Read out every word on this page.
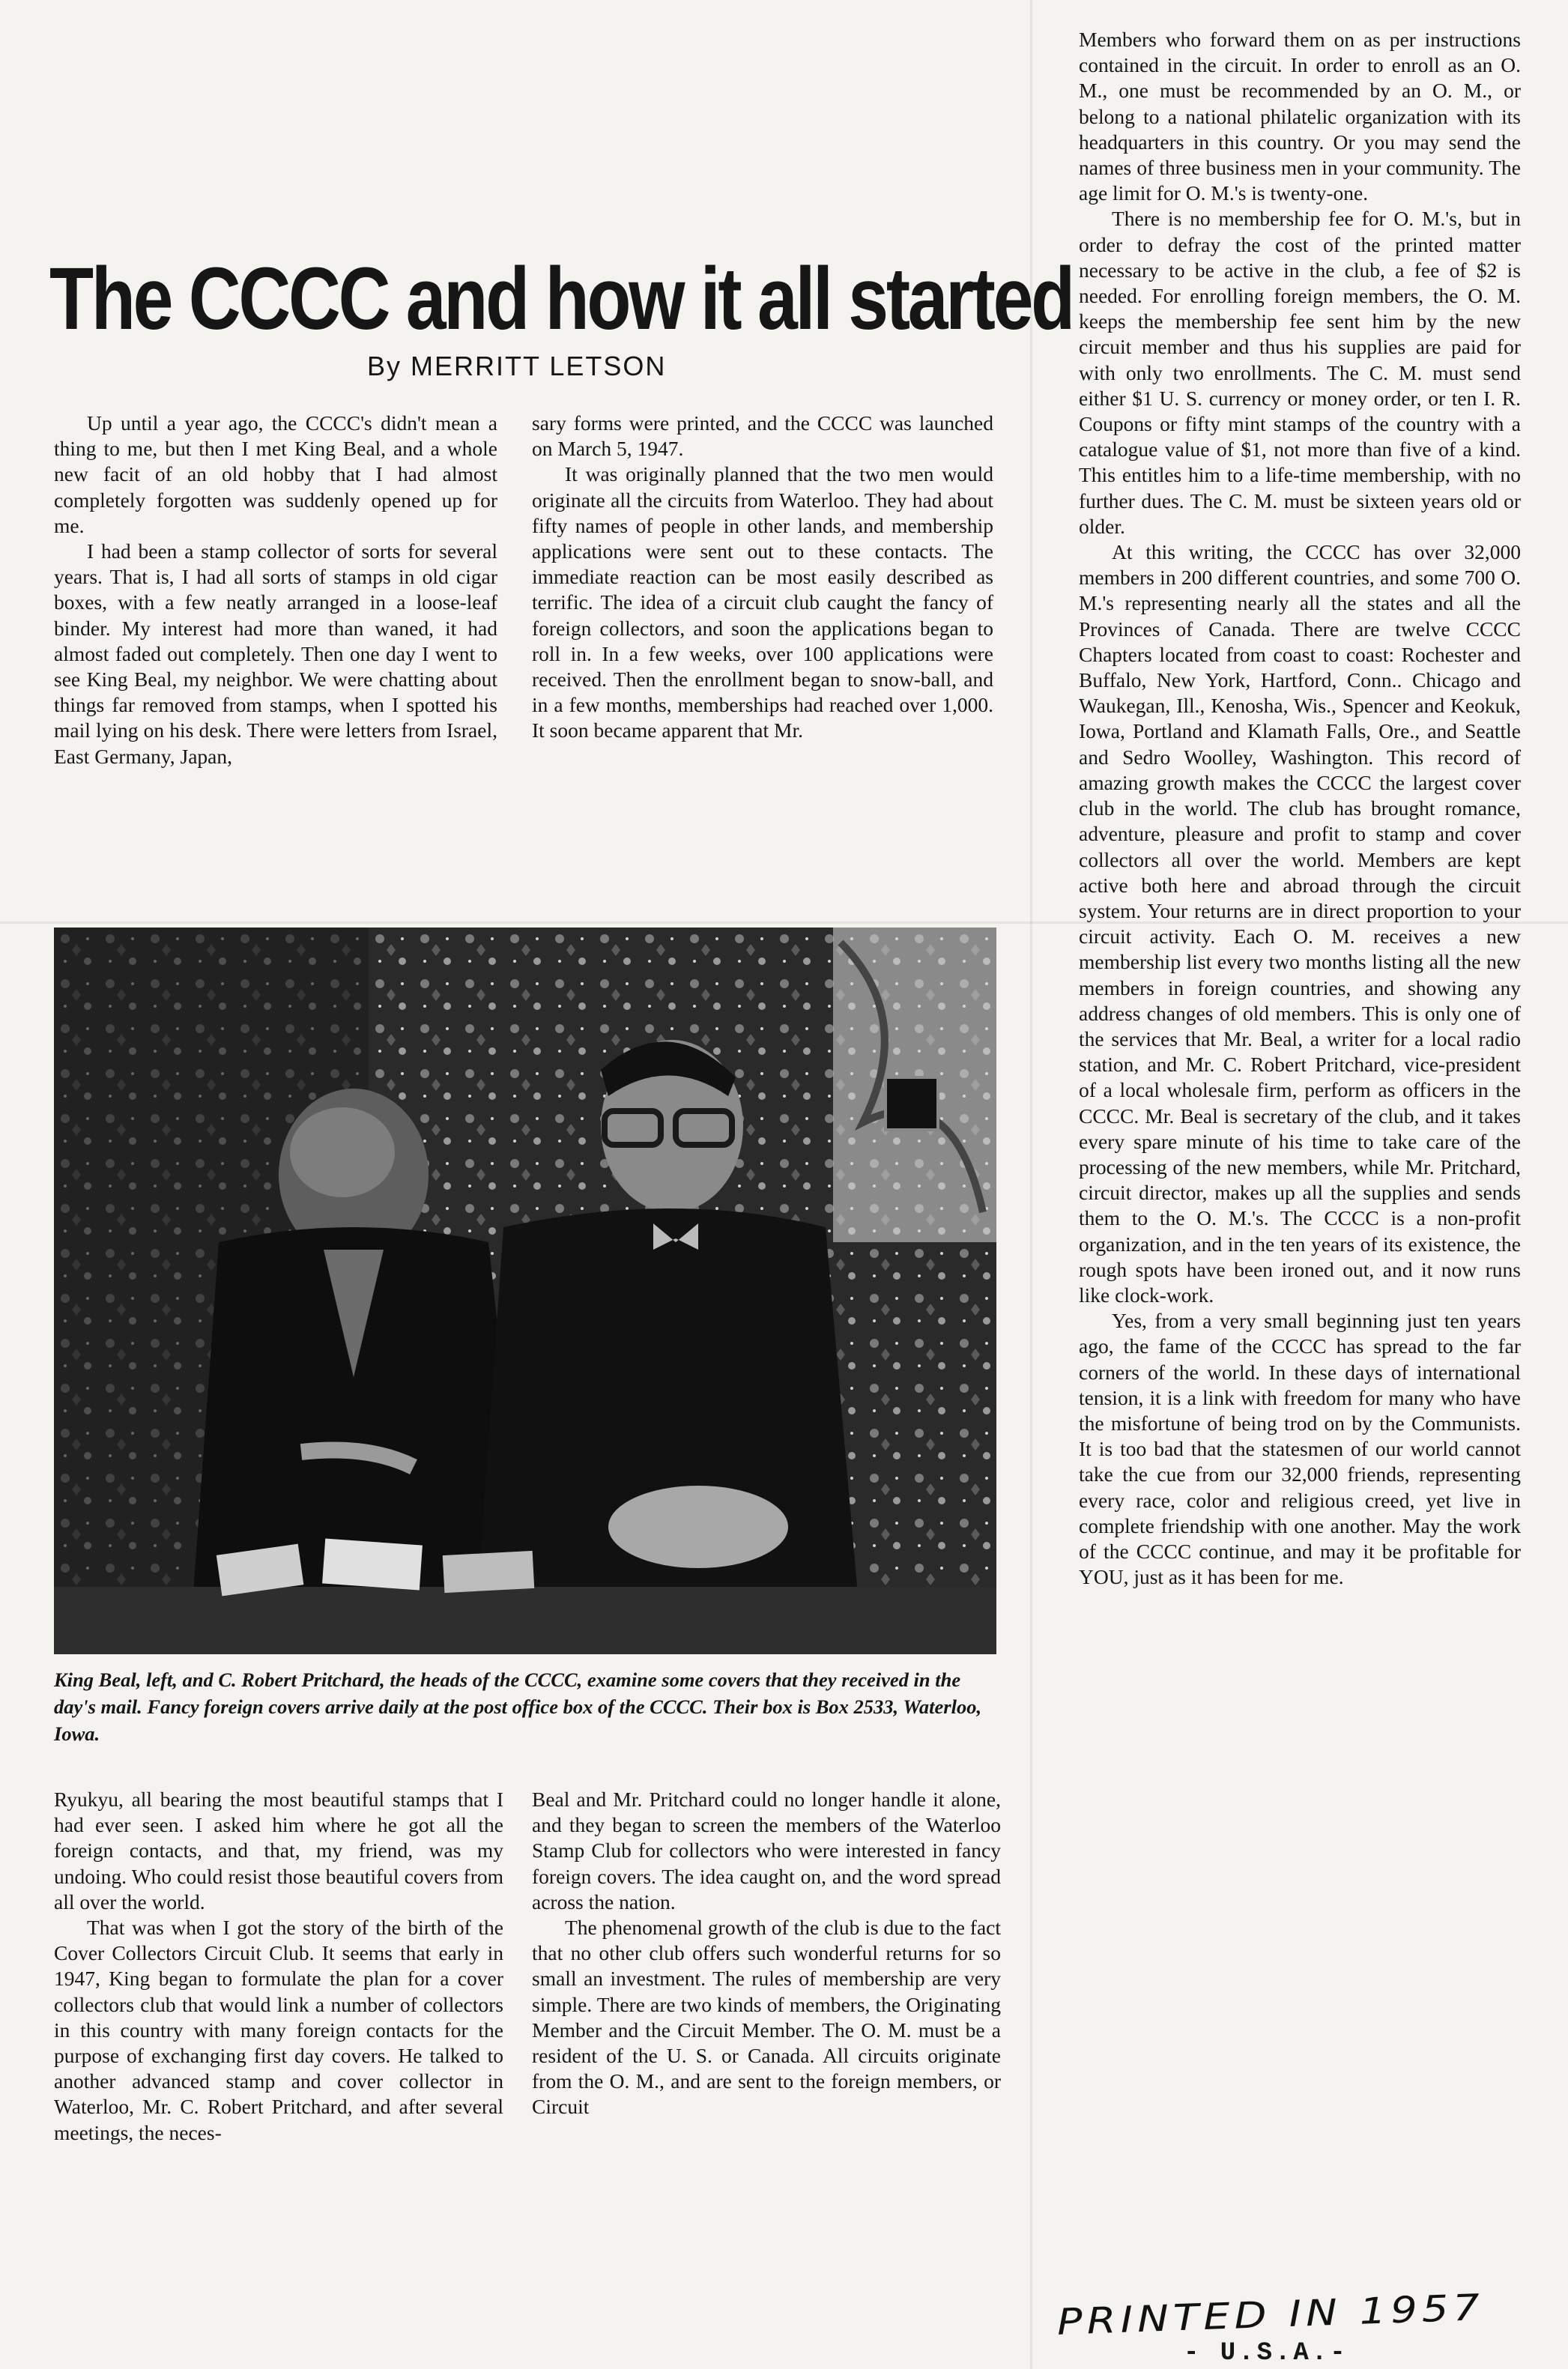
The CCCC and how it all started

By MERRITT LETSON

Up until a year ago, the CCCC's didn't mean a thing to me, but then I met King Beal, and a whole new facit of an old hobby that I had almost completely forgotten was suddenly opened up for me.

I had been a stamp collector of sorts for several years. That is, I had all sorts of stamps in old cigar boxes, with a few neatly arranged in a loose-leaf binder. My interest had more than waned, it had almost faded out completely. Then one day I went to see King Beal, my neighbor. We were chatting about things far removed from stamps, when I spotted his mail lying on his desk. There were letters from Israel, East Germany, Japan,

sary forms were printed, and the CCCC was launched on March 5, 1947.

It was originally planned that the two men would originate all the circuits from Waterloo. They had about fifty names of people in other lands, and membership applications were sent out to these contacts. The immediate reaction can be most easily described as terrific. The idea of a circuit club caught the fancy of foreign collectors, and soon the applications began to roll in. In a few weeks, over 100 applications were received. Then the enrollment began to snow-ball, and in a few months, memberships had reached over 1,000. It soon became apparent that Mr.

King Beal, left, and C. Robert Pritchard, the heads of the CCCC, examine some covers that they received in the day's mail. Fancy foreign covers arrive daily at the post office box of the CCCC. Their box is Box 2533, Waterloo, Iowa.

Ryukyu, all bearing the most beautiful stamps that I had ever seen. I asked him where he got all the foreign contacts, and that, my friend, was my undoing. Who could resist those beautiful covers from all over the world.

That was when I got the story of the birth of the Cover Collectors Circuit Club. It seems that early in 1947, King began to formulate the plan for a cover collectors club that would link a number of collectors in this country with many foreign contacts for the purpose of exchanging first day covers. He talked to another advanced stamp and cover collector in Waterloo, Mr. C. Robert Pritchard, and after several meetings, the neces-

Beal and Mr. Pritchard could no longer handle it alone, and they began to screen the members of the Waterloo Stamp Club for collectors who were interested in fancy foreign covers. The idea caught on, and the word spread across the nation.

The phenomenal growth of the club is due to the fact that no other club offers such wonderful returns for so small an investment. The rules of membership are very simple. There are two kinds of members, the Originating Member and the Circuit Member. The O. M. must be a resident of the U. S. or Canada. All circuits originate from the O. M., and are sent to the foreign members, or Circuit

Members who forward them on as per instructions contained in the circuit. In order to enroll as an O. M., one must be recommended by an O. M., or belong to a national philatelic organization with its headquarters in this country. Or you may send the names of three business men in your community. The age limit for O. M.'s is twenty-one.

There is no membership fee for O. M.'s, but in order to defray the cost of the printed matter necessary to be active in the club, a fee of $2 is needed. For enrolling foreign members, the O. M. keeps the membership fee sent him by the new circuit member and thus his supplies are paid for with only two enrollments. The C. M. must send either $1 U. S. currency or money order, or ten I. R. Coupons or fifty mint stamps of the country with a catalogue value of $1, not more than five of a kind. This entitles him to a life-time membership, with no further dues. The C. M. must be sixteen years old or older.

At this writing, the CCCC has over 32,000 members in 200 different countries, and some 700 O. M.'s representing nearly all the states and all the Provinces of Canada. There are twelve CCCC Chapters located from coast to coast: Rochester and Buffalo, New York, Hartford, Conn.. Chicago and Waukegan, Ill., Kenosha, Wis., Spencer and Keokuk, Iowa, Portland and Klamath Falls, Ore., and Seattle and Sedro Woolley, Washington. This record of amazing growth makes the CCCC the largest cover club in the world. The club has brought romance, adventure, pleasure and profit to stamp and cover collectors all over the world. Members are kept active both here and abroad through the circuit system. Your returns are in direct proportion to your circuit activity. Each O. M. receives a new membership list every two months listing all the new members in foreign countries, and showing any address changes of old members. This is only one of the services that Mr. Beal, a writer for a local radio station, and Mr. C. Robert Pritchard, vice-president of a local wholesale firm, perform as officers in the CCCC. Mr. Beal is secretary of the club, and it takes every spare minute of his time to take care of the processing of the new members, while Mr. Pritchard, circuit director, makes up all the supplies and sends them to the O. M.'s. The CCCC is a non-profit organization, and in the ten years of its existence, the rough spots have been ironed out, and it now runs like clock-work.

Yes, from a very small beginning just ten years ago, the fame of the CCCC has spread to the far corners of the world. In these days of international tension, it is a link with freedom for many who have the misfortune of being trod on by the Communists. It is too bad that the statesmen of our world cannot take the cue from our 32,000 friends, representing every race, color and religious creed, yet live in complete friendship with one another. May the work of the CCCC continue, and may it be profitable for YOU, just as it has been for me.

PRINTED IN 1957

- U.S.A.-
